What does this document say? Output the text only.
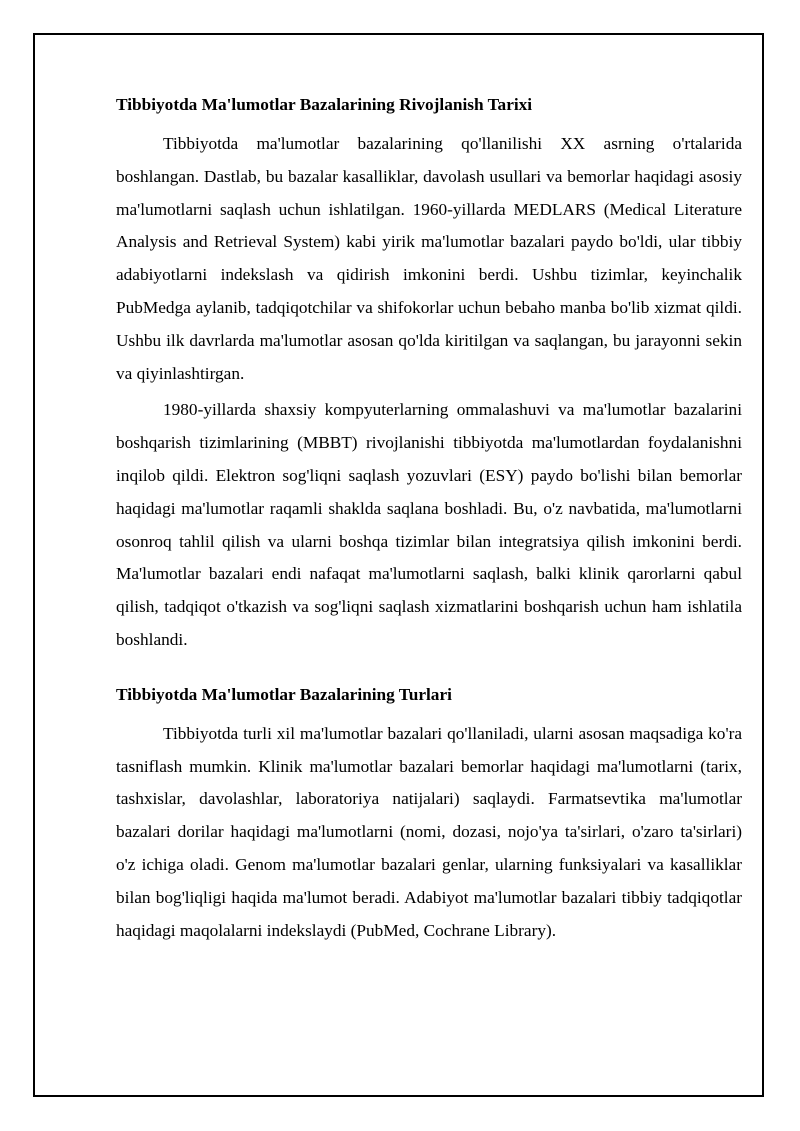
Tibbiyotda Ma'lumotlar Bazalarining Rivojlanish Tarixi

Tibbiyotda ma'lumotlar bazalarining qo'llanilishi XX asrning o'rtalarida boshlangan. Dastlab, bu bazalar kasalliklar, davolash usullari va bemorlar haqidagi asosiy ma'lumotlarni saqlash uchun ishlatilgan. 1960-yillarda MEDLARS (Medical Literature Analysis and Retrieval System) kabi yirik ma'lumotlar bazalari paydo bo'ldi, ular tibbiy adabiyotlarni indekslash va qidirish imkonini berdi. Ushbu tizimlar, keyinchalik PubMedga aylanib, tadqiqotchilar va shifokorlar uchun bebaho manba bo'lib xizmat qildi. Ushbu ilk davrlarda ma'lumotlar asosan qo'lda kiritilgan va saqlangan, bu jarayonni sekin va qiyinlashtirgan.

1980-yillarda shaxsiy kompyuterlarning ommalashuvi va ma'lumotlar bazalarini boshqarish tizimlarining (MBBT) rivojlanishi tibbiyotda ma'lumotlardan foydalanishni inqilob qildi. Elektron sog'liqni saqlash yozuvlari (ESY) paydo bo'lishi bilan bemorlar haqidagi ma'lumotlar raqamli shaklda saqlana boshladi. Bu, o'z navbatida, ma'lumotlarni osonroq tahlil qilish va ularni boshqa tizimlar bilan integratsiya qilish imkonini berdi. Ma'lumotlar bazalari endi nafaqat ma'lumotlarni saqlash, balki klinik qarorlarni qabul qilish, tadqiqot o'tkazish va sog'liqni saqlash xizmatlarini boshqarish uchun ham ishlatila boshlandi.

Tibbiyotda Ma'lumotlar Bazalarining Turlari

Tibbiyotda turli xil ma'lumotlar bazalari qo'llaniladi, ularni asosan maqsadiga ko'ra tasniflash mumkin. Klinik ma'lumotlar bazalari bemorlar haqidagi ma'lumotlarni (tarix, tashxislar, davolashlar, laboratoriya natijalari) saqlaydi. Farmatsevtika ma'lumotlar bazalari dorilar haqidagi ma'lumotlarni (nomi, dozasi, nojo'ya ta'sirlari, o'zaro ta'sirlari) o'z ichiga oladi. Genom ma'lumotlar bazalari genlar, ularning funksiyalari va kasalliklar bilan bog'liqligi haqida ma'lumot beradi. Adabiyot ma'lumotlar bazalari tibbiy tadqiqotlar haqidagi maqolalarni indekslaydi (PubMed, Cochrane Library).
